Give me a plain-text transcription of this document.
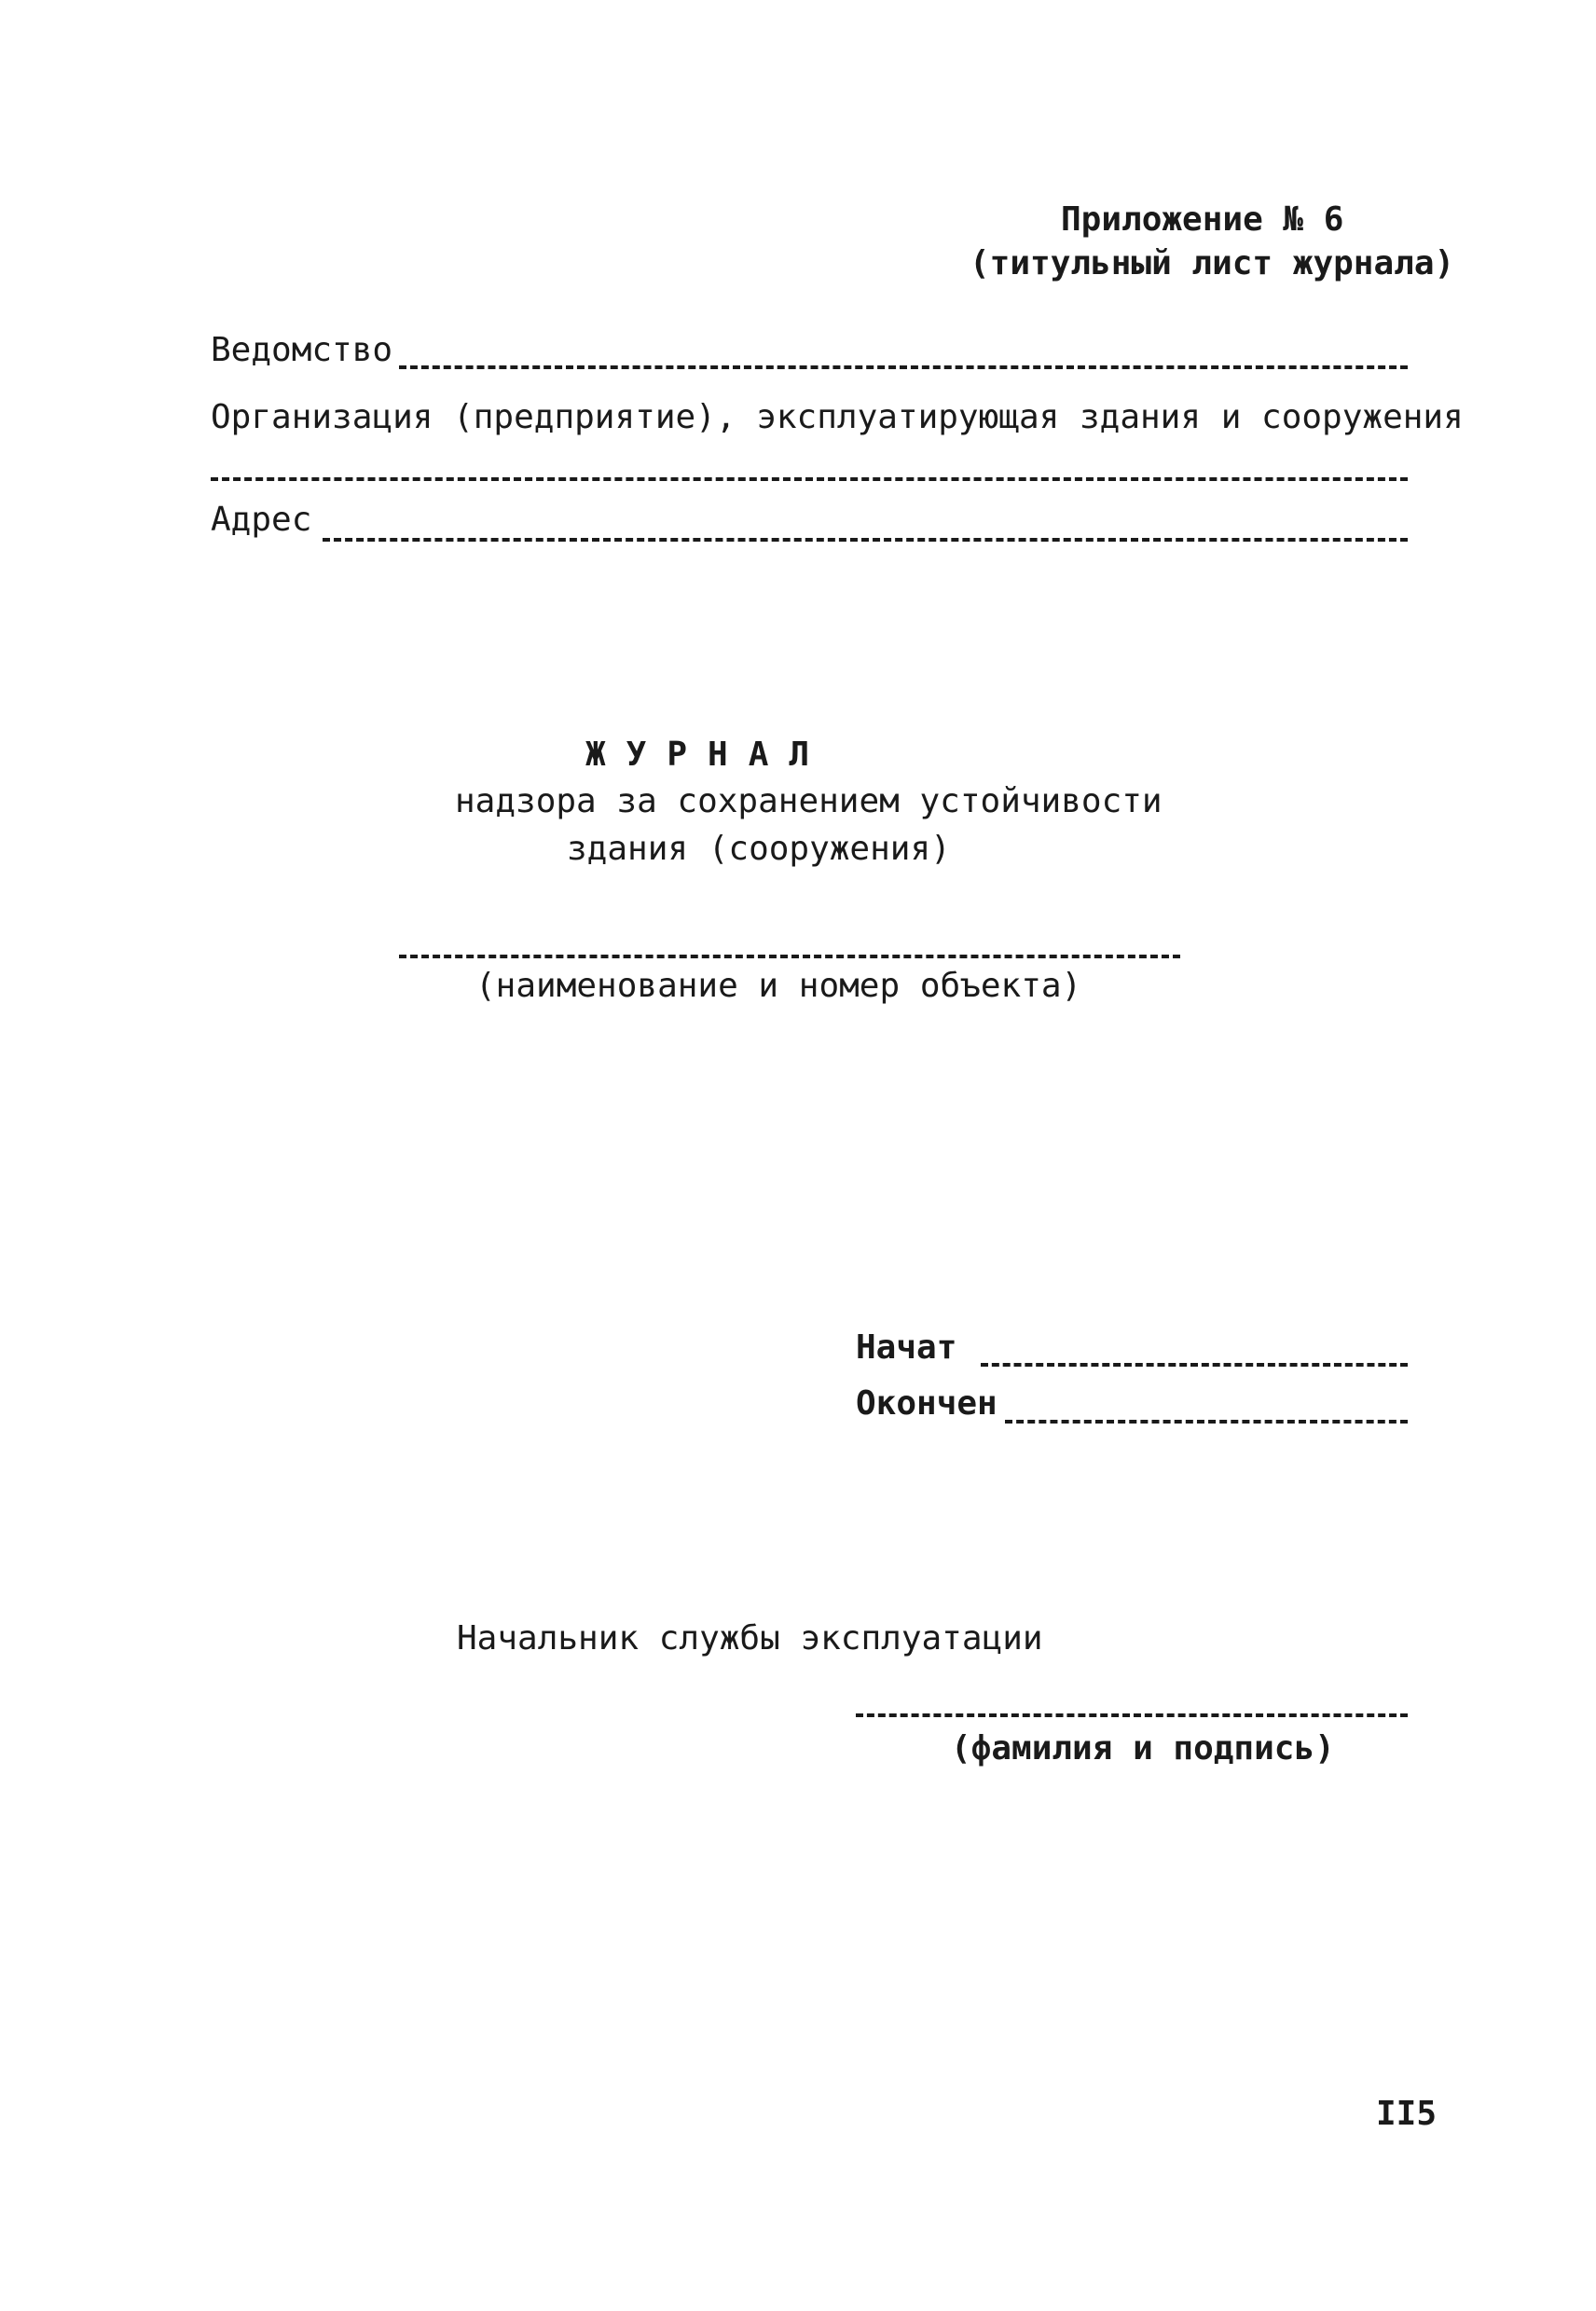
Приложение № 6
(титульный лист журнала)
Ведомство
Организация (предприятие), эксплуатирующая здания и сооружения
Адрес
ЖУРНАЛ
надзора за сохранением устойчивости
здания (сооружения)
(наименование и номер объекта)
Начат
Окончен
Начальник службы эксплуатации
(фамилия и подпись)
II5
